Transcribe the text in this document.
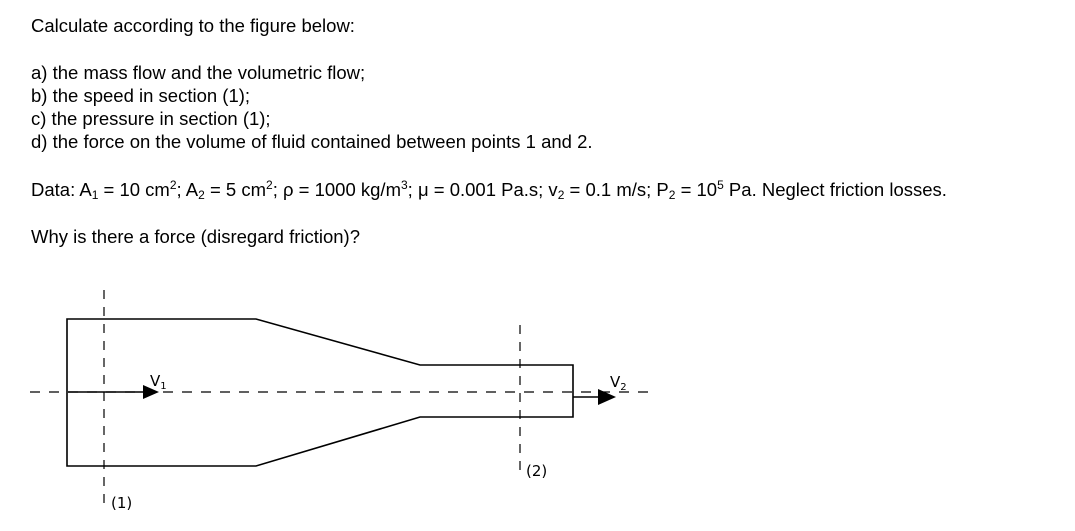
Calculate according to the figure below:
a) the mass flow and the volumetric flow;
b) the speed in section (1);
c) the pressure in section (1);
d) the force on the volume of fluid contained between points 1 and 2.
Data: $A_1 = 10$ $cm^2$; $A_2 = 5$ $cm^2$; ρ = 1000 $kg/m^3$; μ = 0.001 Pa.s; $v_2 = 0.1$ m/s; $P_2 = 10^5$ Pa. Neglect friction losses.
Why is there a force (disregard friction)?
$V_1$	$V_2$
(1)
(2)
